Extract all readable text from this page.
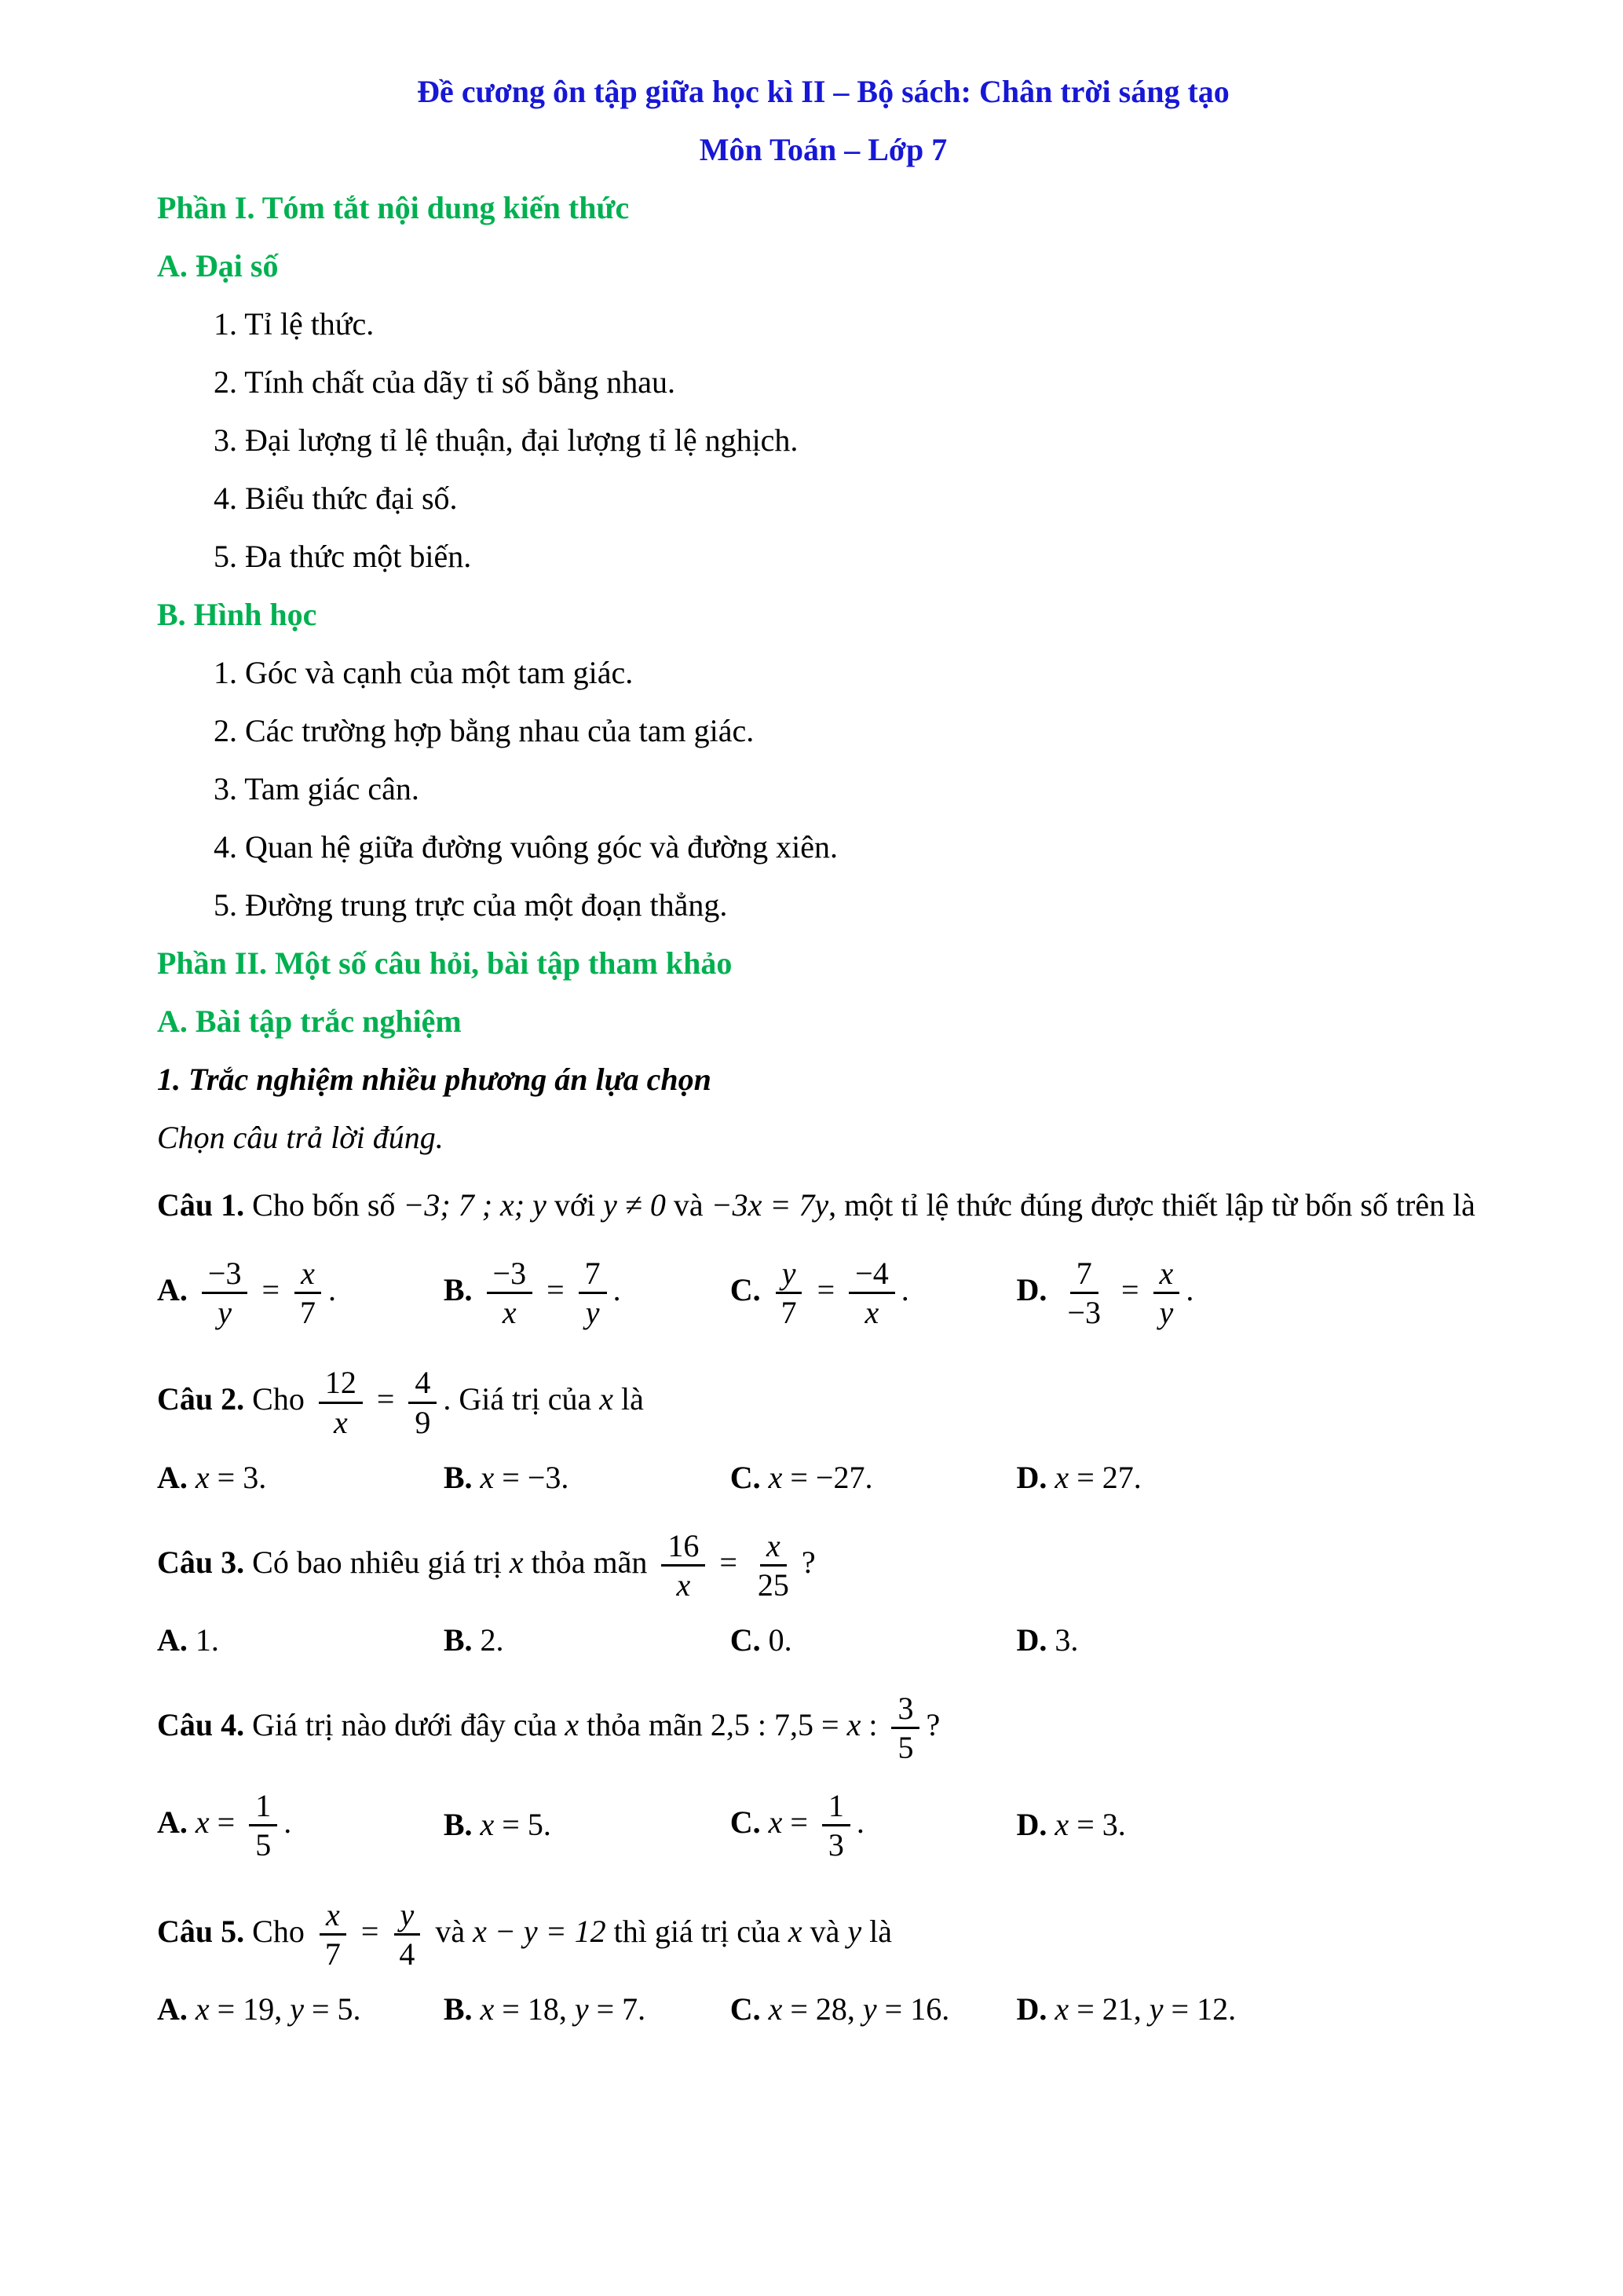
Đề cương ôn tập giữa học kì II – Bộ sách: Chân trời sáng tạo
Môn Toán – Lớp 7
Phần I. Tóm tắt nội dung kiến thức
A. Đại số
1. Tỉ lệ thức.
2. Tính chất của dãy tỉ số bằng nhau.
3. Đại lượng tỉ lệ thuận, đại lượng tỉ lệ nghịch.
4. Biểu thức đại số.
5. Đa thức một biến.
B. Hình học
1. Góc và cạnh của một tam giác.
2. Các trường hợp bằng nhau của tam giác.
3. Tam giác cân.
4. Quan hệ giữa đường vuông góc và đường xiên.
5. Đường trung trực của một đoạn thẳng.
Phần II. Một số câu hỏi, bài tập tham khảo
A. Bài tập trắc nghiệm
1. Trắc nghiệm nhiều phương án lựa chọn
Chọn câu trả lời đúng.
Câu 1. Cho bốn số −3; 7 ; x; y với y ≠ 0 và −3x = 7y, một tỉ lệ thức đúng được thiết lập từ bốn số trên là
A. $\frac{-3}{y} = \frac{x}{7}$ .	B. $\frac{-3}{x} = \frac{7}{y}$ .	C. $\frac{y}{7} = \frac{-4}{x}$ .	D. $\frac{7}{-3} = \frac{x}{y}$ .
Câu 2. Cho $\frac{12}{x} = \frac{4}{9}$ . Giá trị của x là
A. x = 3.	B. x = −3.	C. x = −27.	D. x = 27.
Câu 3. Có bao nhiêu giá trị x thỏa mãn $\frac{16}{x} = \frac{x}{25}$ ?
A. 1.	B. 2.	C. 0.	D. 3.
Câu 4. Giá trị nào dưới đây của x thỏa mãn 2,5 : 7,5 = x : $\frac{3}{5}$ ?
A. $x = \frac{1}{5}$ .	B. x = 5.	C. $x = \frac{1}{3}$ .	D. x = 3.
Câu 5. Cho $\frac{x}{7} = \frac{y}{4}$ và x − y = 12 thì giá trị của x và y là
A. x = 19, y = 5.	B. x = 18, y = 7.	C. x = 28, y = 16.	D. x = 21, y = 12.
